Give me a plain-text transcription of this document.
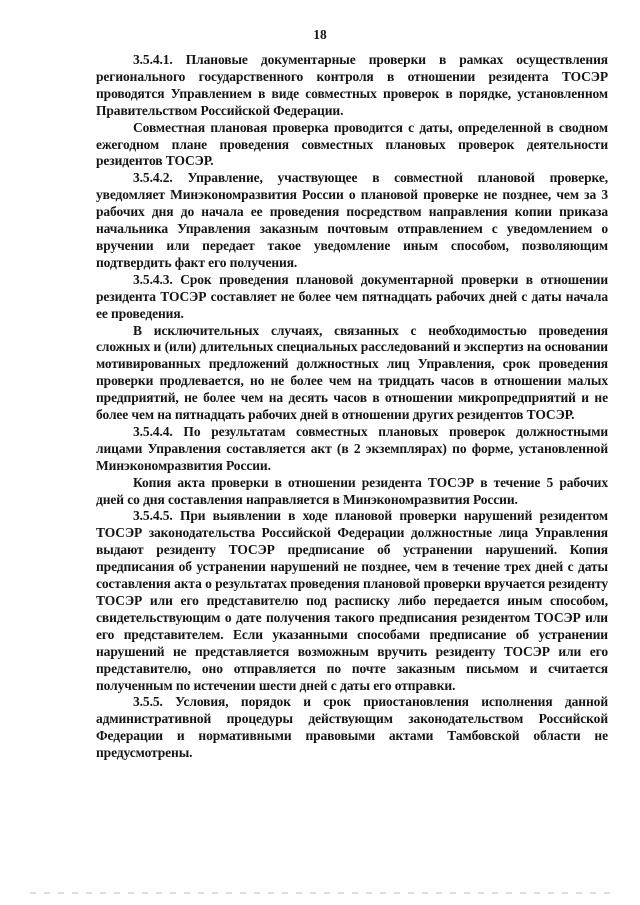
18

3.5.4.1. Плановые документарные проверки в рамках осуществления регионального государственного контроля в отношении резидента ТОСЭР проводятся Управлением в виде совместных проверок в порядке, установленном Правительством Российской Федерации.

Совместная плановая проверка проводится с даты, определенной в сводном ежегодном плане проведения совместных плановых проверок деятельности резидентов ТОСЭР.

3.5.4.2. Управление, участвующее в совместной плановой проверке, уведомляет Минэкономразвития России о плановой проверке не позднее, чем за 3 рабочих дня до начала ее проведения посредством направления копии приказа начальника Управления заказным почтовым отправлением с уведомлением о вручении или передает такое уведомление иным способом, позволяющим подтвердить факт его получения.

3.5.4.3. Срок проведения плановой документарной проверки в отношении резидента ТОСЭР составляет не более чем пятнадцать рабочих дней с даты начала ее проведения.

В исключительных случаях, связанных с необходимостью проведения сложных и (или) длительных специальных расследований и экспертиз на основании мотивированных предложений должностных лиц Управления, срок проведения проверки продлевается, но не более чем на тридцать часов в отношении малых предприятий, не более чем на десять часов в отношении микропредприятий и не более чем на пятнадцать рабочих дней в отношении других резидентов ТОСЭР.

3.5.4.4. По результатам совместных плановых проверок должностными лицами Управления составляется акт (в 2 экземплярах) по форме, установленной Минэкономразвития России.

Копия акта проверки в отношении резидента ТОСЭР в течение 5 рабочих дней со дня составления направляется в Минэкономразвития России.

3.5.4.5. При выявлении в ходе плановой проверки нарушений резидентом ТОСЭР законодательства Российской Федерации должностные лица Управления выдают резиденту ТОСЭР предписание об устранении нарушений. Копия предписания об устранении нарушений не позднее, чем в течение трех дней с даты составления акта о результатах проведения плановой проверки вручается резиденту ТОСЭР или его представителю под расписку либо передается иным способом, свидетельствующим о дате получения такого предписания резидентом ТОСЭР или его представителем. Если указанными способами предписание об устранении нарушений не представляется возможным вручить резиденту ТОСЭР или его представителю, оно отправляется по почте заказным письмом и считается полученным по истечении шести дней с даты его отправки.

3.5.5. Условия, порядок и срок приостановления исполнения данной административной процедуры действующим законодательством Российской Федерации и нормативными правовыми актами Тамбовской области не предусмотрены.
